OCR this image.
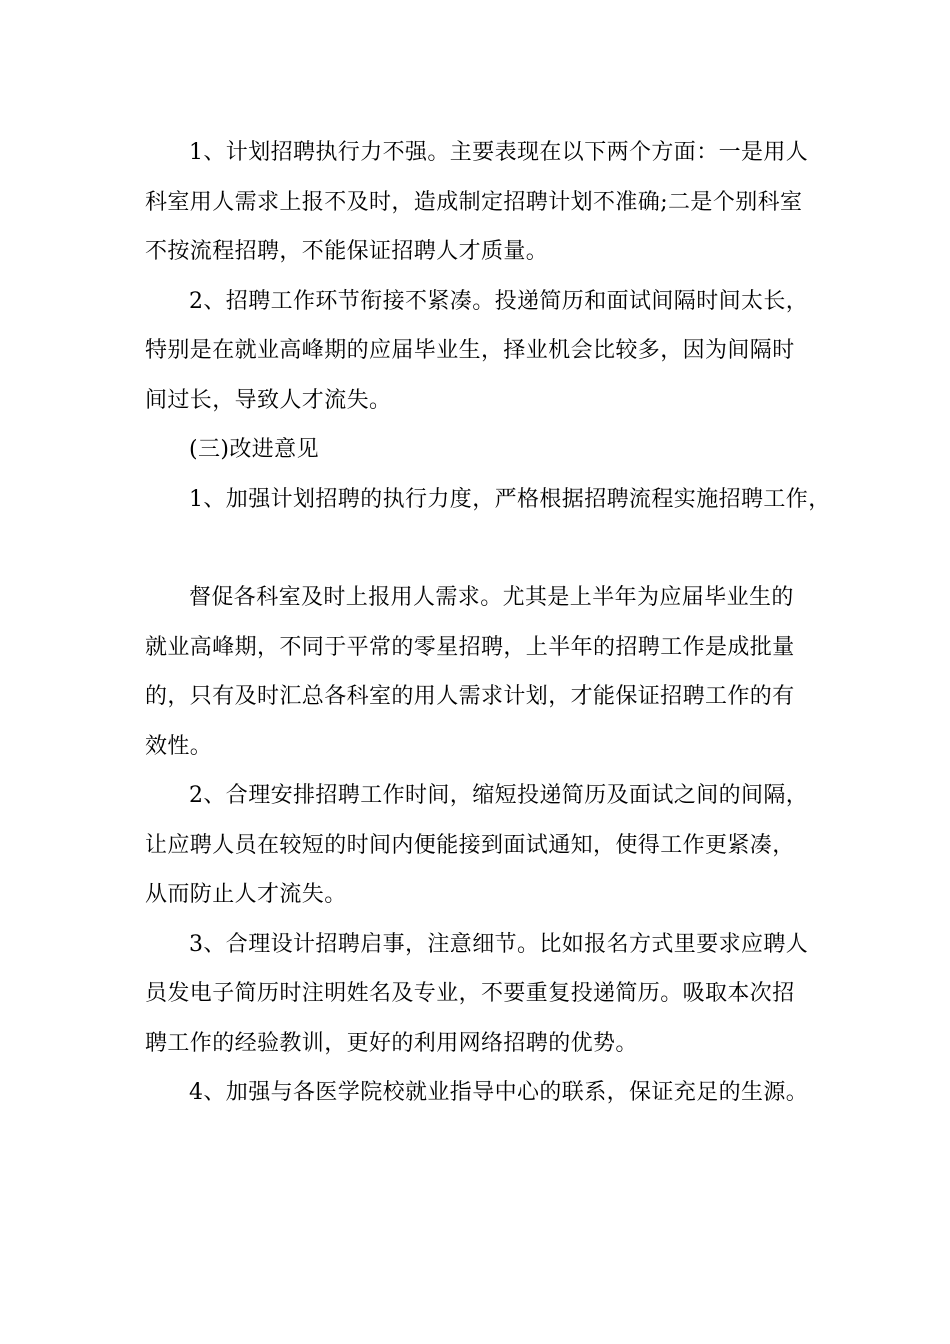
1、计划招聘执行力不强。主要表现在以下两个方面：一是用人
科室用人需求上报不及时，造成制定招聘计划不准确;二是个别科室
不按流程招聘，不能保证招聘人才质量。
2、招聘工作环节衔接不紧凑。投递简历和面试间隔时间太长，
特别是在就业高峰期的应届毕业生，择业机会比较多，因为间隔时
间过长，导致人才流失。
(三)改进意见
1、加强计划招聘的执行力度，严格根据招聘流程实施招聘工作，
督促各科室及时上报用人需求。尤其是上半年为应届毕业生的
就业高峰期，不同于平常的零星招聘，上半年的招聘工作是成批量
的，只有及时汇总各科室的用人需求计划，才能保证招聘工作的有
效性。
2、合理安排招聘工作时间，缩短投递简历及面试之间的间隔，
让应聘人员在较短的时间内便能接到面试通知，使得工作更紧凑，
从而防止人才流失。
3、合理设计招聘启事，注意细节。比如报名方式里要求应聘人
员发电子简历时注明姓名及专业，不要重复投递简历。吸取本次招
聘工作的经验教训，更好的利用网络招聘的优势。
4、加强与各医学院校就业指导中心的联系，保证充足的生源。
